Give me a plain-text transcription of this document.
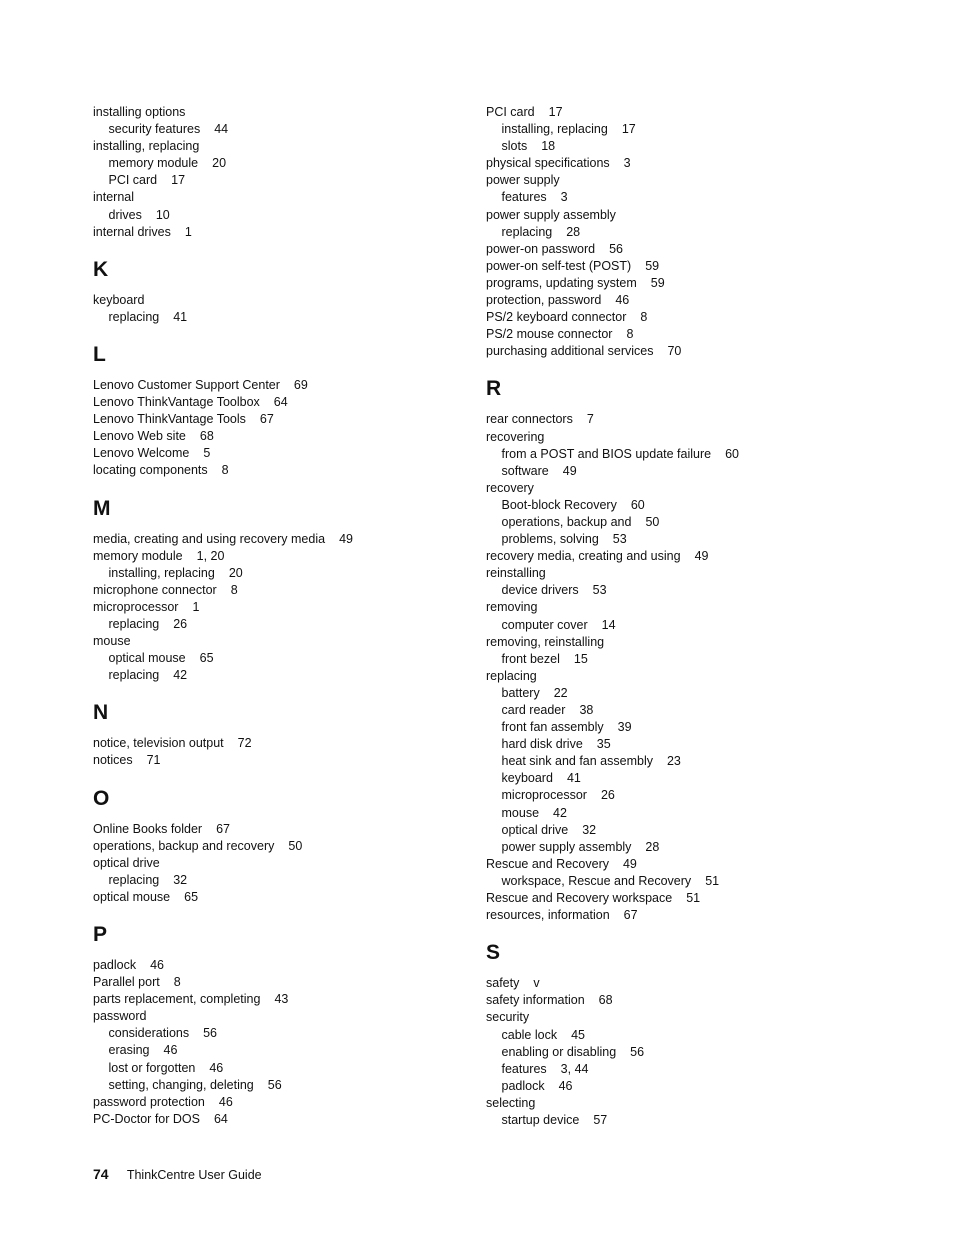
installing options
security features 44
installing, replacing
memory module 20
PCI card 17
internal
drives 10
internal drives 1
K
keyboard
replacing 41
L
Lenovo Customer Support Center 69
Lenovo ThinkVantage Toolbox 64
Lenovo ThinkVantage Tools 67
Lenovo Web site 68
Lenovo Welcome 5
locating components 8
M
media, creating and using recovery media 49
memory module 1, 20
installing, replacing 20
microphone connector 8
microprocessor 1
replacing 26
mouse
optical mouse 65
replacing 42
N
notice, television output 72
notices 71
O
Online Books folder 67
operations, backup and recovery 50
optical drive
replacing 32
optical mouse 65
P
padlock 46
Parallel port 8
parts replacement, completing 43
password
considerations 56
erasing 46
lost or forgotten 46
setting, changing, deleting 56
password protection 46
PC-Doctor for DOS 64
PCI card 17
installing, replacing 17
slots 18
physical specifications 3
power supply
features 3
power supply assembly
replacing 28
power-on password 56
power-on self-test (POST) 59
programs, updating system 59
protection, password 46
PS/2 keyboard connector 8
PS/2 mouse connector 8
purchasing additional services 70
R
rear connectors 7
recovering
from a POST and BIOS update failure 60
software 49
recovery
Boot-block Recovery 60
operations, backup and 50
problems, solving 53
recovery media, creating and using 49
reinstalling
device drivers 53
removing
computer cover 14
removing, reinstalling
front bezel 15
replacing
battery 22
card reader 38
front fan assembly 39
hard disk drive 35
heat sink and fan assembly 23
keyboard 41
microprocessor 26
mouse 42
optical drive 32
power supply assembly 28
Rescue and Recovery 49
workspace, Rescue and Recovery 51
Rescue and Recovery workspace 51
resources, information 67
S
safety v
safety information 68
security
cable lock 45
enabling or disabling 56
features 3, 44
padlock 46
selecting
startup device 57
74 ThinkCentre User Guide
